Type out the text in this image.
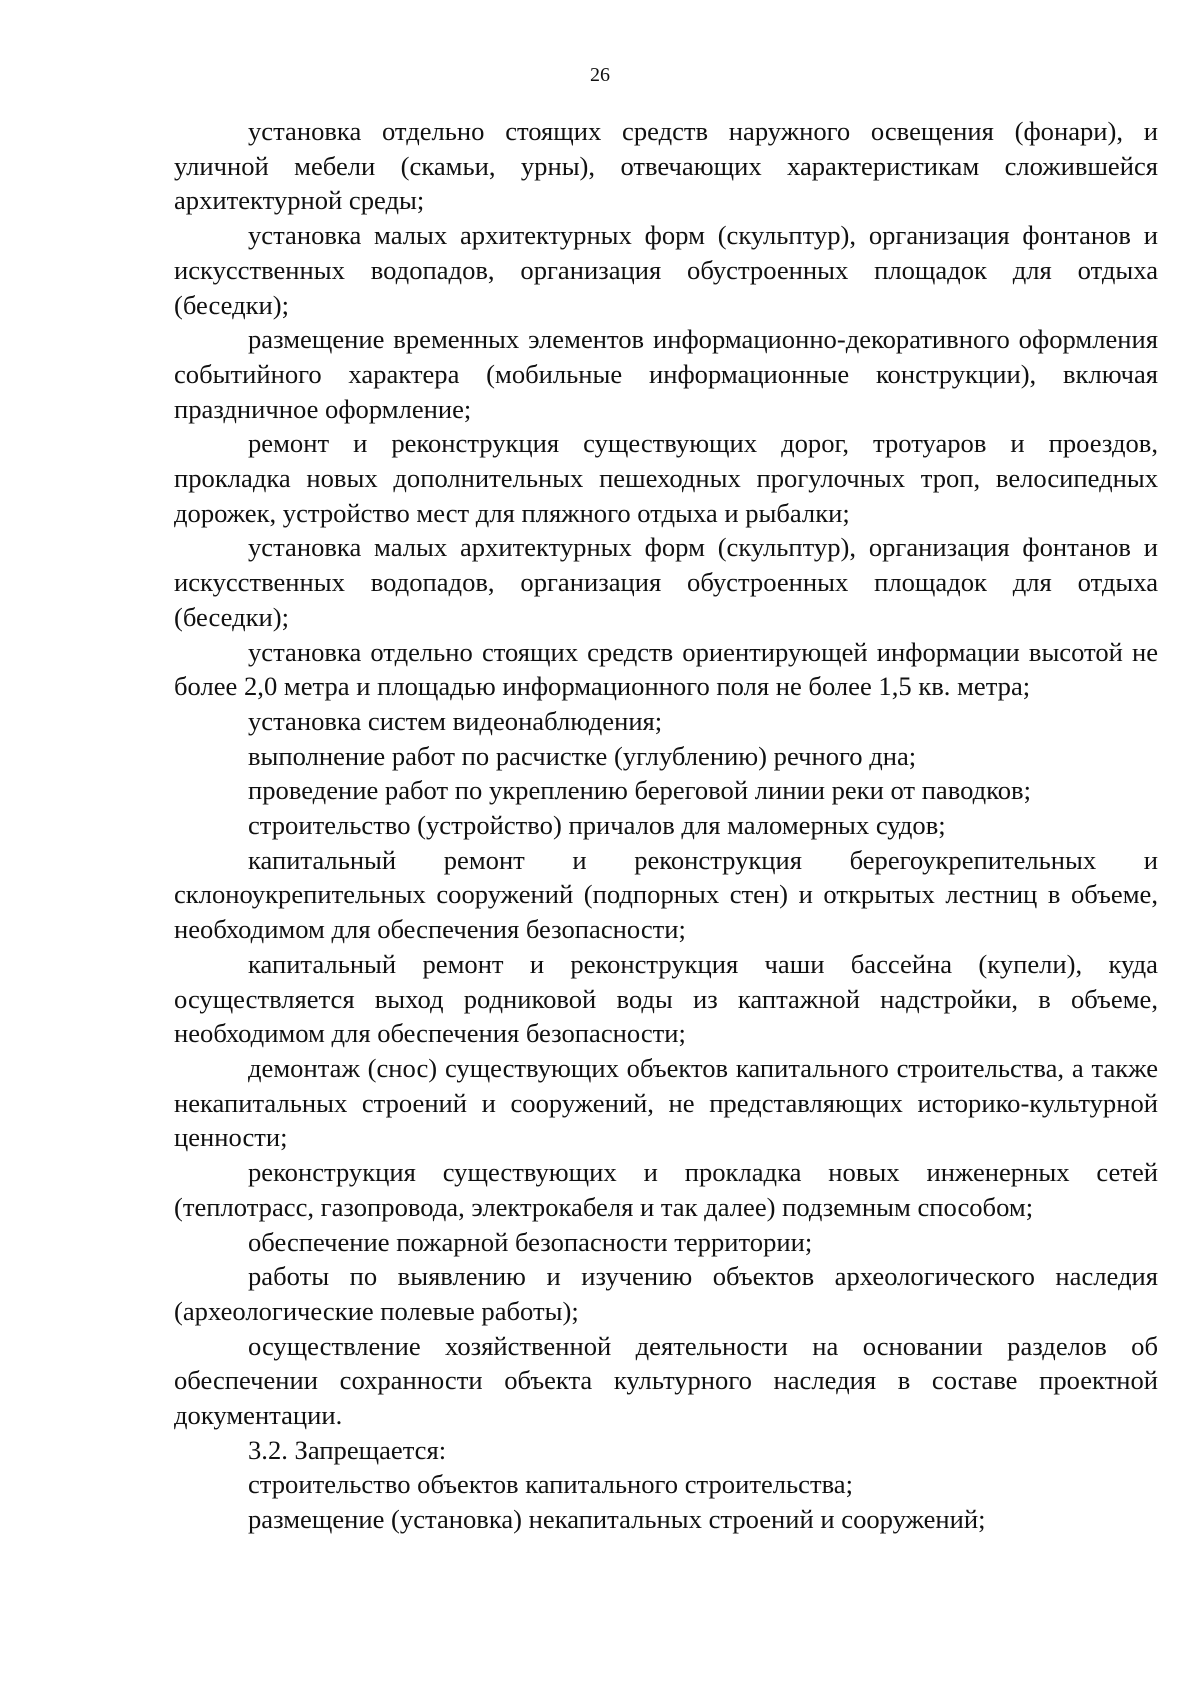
26

установка отдельно стоящих средств наружного освещения (фонари), и уличной мебели (скамьи, урны), отвечающих характеристикам сложившейся архитектурной среды;

установка малых архитектурных форм (скульптур), организация фонтанов и искусственных водопадов, организация обустроенных площадок для отдыха (беседки);

размещение временных элементов информационно-декоративного оформления событийного характера (мобильные информационные конструкции), включая праздничное оформление;

ремонт и реконструкция существующих дорог, тротуаров и проездов, прокладка новых дополнительных пешеходных прогулочных троп, велосипедных дорожек, устройство мест для пляжного отдыха и рыбалки;

установка малых архитектурных форм (скульптур), организация фонтанов и искусственных водопадов, организация обустроенных площадок для отдыха (беседки);

установка отдельно стоящих средств ориентирующей информации высотой не более 2,0 метра и площадью информационного поля не более 1,5 кв. метра;

установка систем видеонаблюдения;

выполнение работ по расчистке (углублению) речного дна;

проведение работ по укреплению береговой линии реки от паводков;

строительство (устройство) причалов для маломерных судов;

капитальный ремонт и реконструкция берегоукрепительных и склоноукрепительных сооружений (подпорных стен) и открытых лестниц в объеме, необходимом для обеспечения безопасности;

капитальный ремонт и реконструкция чаши бассейна (купели), куда осуществляется выход родниковой воды из каптажной надстройки, в объеме, необходимом для обеспечения безопасности;

демонтаж (снос) существующих объектов капитального строительства, а также некапитальных строений и сооружений, не представляющих историко-культурной ценности;

реконструкция существующих и прокладка новых инженерных сетей (теплотрасс, газопровода, электрокабеля и так далее) подземным способом;

обеспечение пожарной безопасности территории;

работы по выявлению и изучению объектов археологического наследия (археологические полевые работы);

осуществление хозяйственной деятельности на основании разделов об обеспечении сохранности объекта культурного наследия в составе проектной документации.

3.2. Запрещается:

строительство объектов капитального строительства;

размещение (установка) некапитальных строений и сооружений;
